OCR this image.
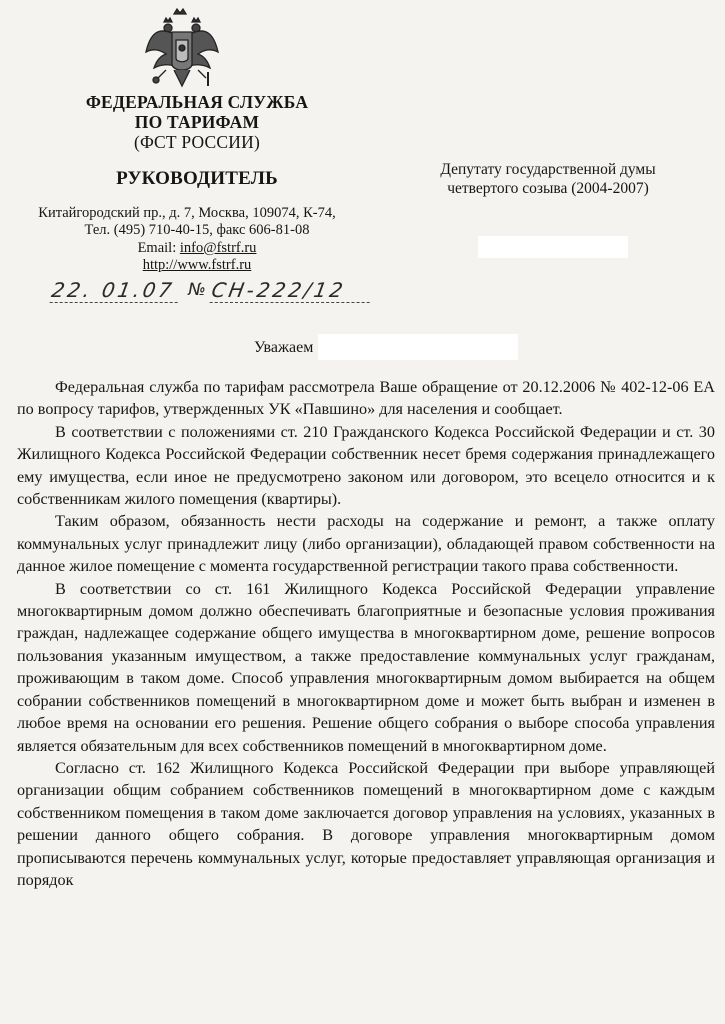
ФЕДЕРАЛЬНАЯ СЛУЖБА
ПО ТАРИФАМ
(ФСТ РОССИИ)
РУКОВОДИТЕЛЬ
Китайгородский пр., д. 7, Москва, 109074, К-74,
Тел. (495) 710-40-15, факс 606-81-08
Email: info@fstrf.ru
http://www.fstrf.ru
22. 01.07 № СН-222/12
Депутату государственной думы
четвертого созыва (2004-2007)
Уважаем

Федеральная служба по тарифам рассмотрела Ваше обращение от 20.12.2006 № 402-12-06 ЕА по вопросу тарифов, утвержденных УК «Павшино» для населения и сообщает.

В соответствии с положениями ст. 210 Гражданского Кодекса Российской Федерации и ст. 30 Жилищного Кодекса Российской Федерации собственник несет бремя содержания принадлежащего ему имущества, если иное не предусмотрено законом или договором, это всецело относится и к собственникам жилого помещения (квартиры).

Таким образом, обязанность нести расходы на содержание и ремонт, а также оплату коммунальных услуг принадлежит лицу (либо организации), обладающей правом собственности на данное жилое помещение с момента государственной регистрации такого права собственности.

В соответствии со ст. 161 Жилищного Кодекса Российской Федерации управление многоквартирным домом должно обеспечивать благоприятные и безопасные условия проживания граждан, надлежащее содержание общего имущества в многоквартирном доме, решение вопросов пользования указанным имуществом, а также предоставление коммунальных услуг гражданам, проживающим в таком доме. Способ управления многоквартирным домом выбирается на общем собрании собственников помещений в многоквартирном доме и может быть выбран и изменен в любое время на основании его решения. Решение общего собрания о выборе способа управления является обязательным для всех собственников помещений в многоквартирном доме.

Согласно ст. 162 Жилищного Кодекса Российской Федерации при выборе управляющей организации общим собранием собственников помещений в многоквартирном доме с каждым собственником помещения в таком доме заключается договор управления на условиях, указанных в решении данного общего собрания. В договоре управления многоквартирным домом прописываются перечень коммунальных услуг, которые предоставляет управляющая организация и порядок
